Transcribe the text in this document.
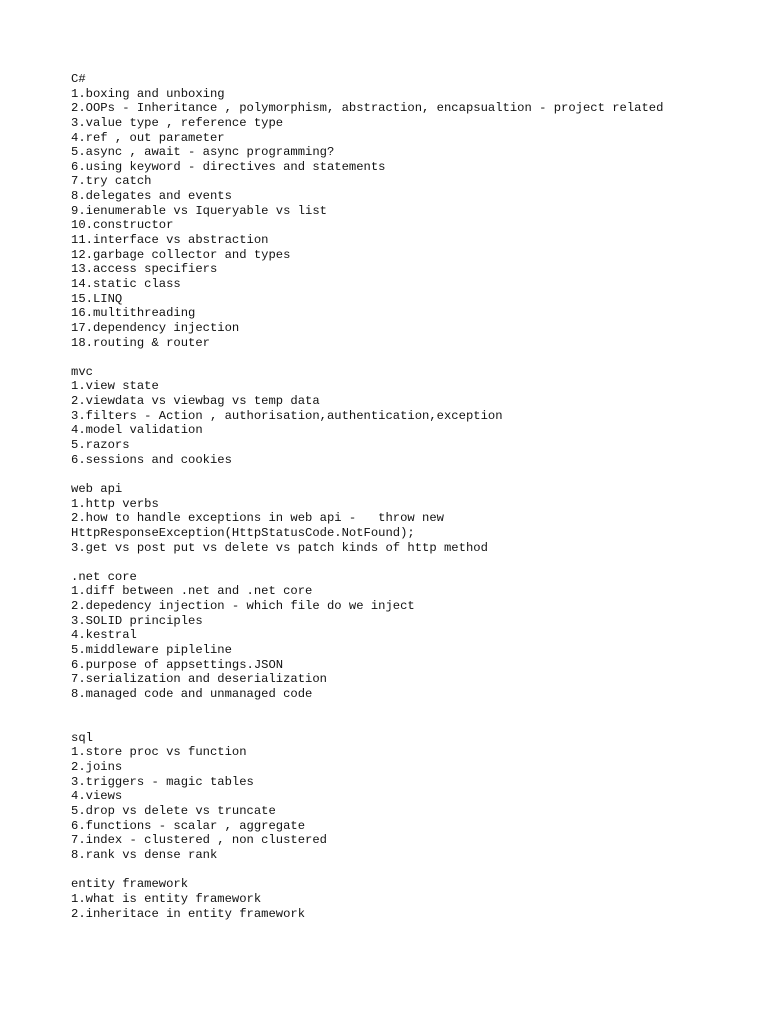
C#
1.boxing and unboxing
2.OOPs - Inheritance , polymorphism, abstraction, encapsualtion - project related
3.value type , reference type
4.ref , out parameter
5.async , await - async programming?
6.using keyword - directives and statements
7.try catch
8.delegates and events
9.ienumerable vs Iqueryable vs list
10.constructor
11.interface vs abstraction
12.garbage collector and types
13.access specifiers
14.static class
15.LINQ
16.multithreading
17.dependency injection
18.routing & router
mvc
1.view state
2.viewdata vs viewbag vs temp data
3.filters - Action , authorisation,authentication,exception
4.model validation
5.razors
6.sessions and cookies
web api
1.http verbs
2.how to handle exceptions in web api -   throw new
HttpResponseException(HttpStatusCode.NotFound);
3.get vs post put vs delete vs patch kinds of http method
.net core
1.diff between .net and .net core
2.depedency injection - which file do we inject
3.SOLID principles
4.kestral
5.middleware pipleline
6.purpose of appsettings.JSON
7.serialization and deserialization
8.managed code and unmanaged code
sql
1.store proc vs function
2.joins
3.triggers - magic tables
4.views
5.drop vs delete vs truncate
6.functions - scalar , aggregate
7.index - clustered , non clustered
8.rank vs dense rank
entity framework
1.what is entity framework
2.inheritace in entity framework
